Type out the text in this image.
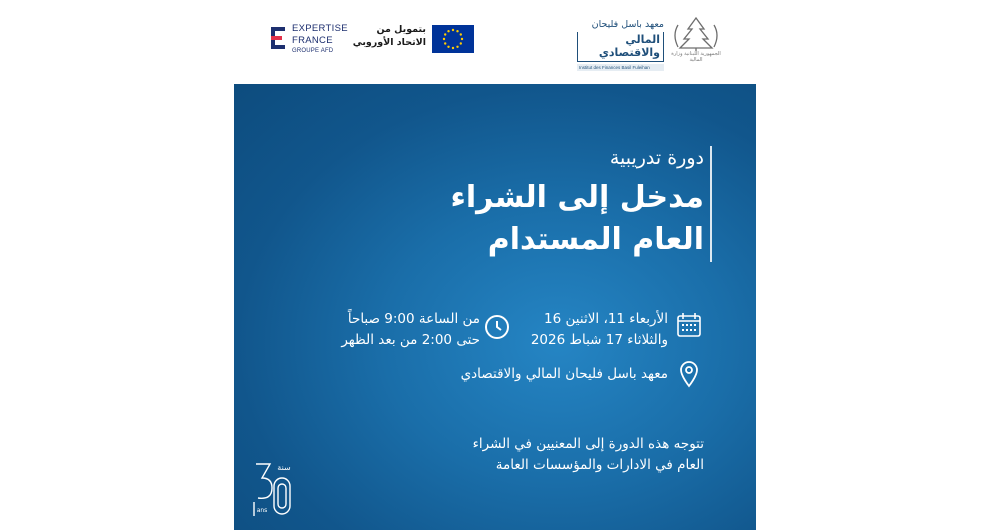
EXPERTISE
FRANCE
GROUPE AFD
بتمويل من
الاتحاد الأوروبي
معهد باسل فليحان
المالي والاقتصادي
Institut des Finances Basil Fuleihan
الجمهورية اللبنانية وزارة المالية
دورة تدريبية
مدخل إلى الشراء
العام المستدام
الأربعاء 11، الاثنين 16
والثلاثاء 17 شباط 2026
من الساعة 9:00 صباحاً
حتى 2:00 من بعد الظهر
معهد باسل فليحان المالي والاقتصادي
تتوجه هذه الدورة إلى المعنيين في الشراء
العام في الادارات والمؤسسات العامة
سنة
ans
